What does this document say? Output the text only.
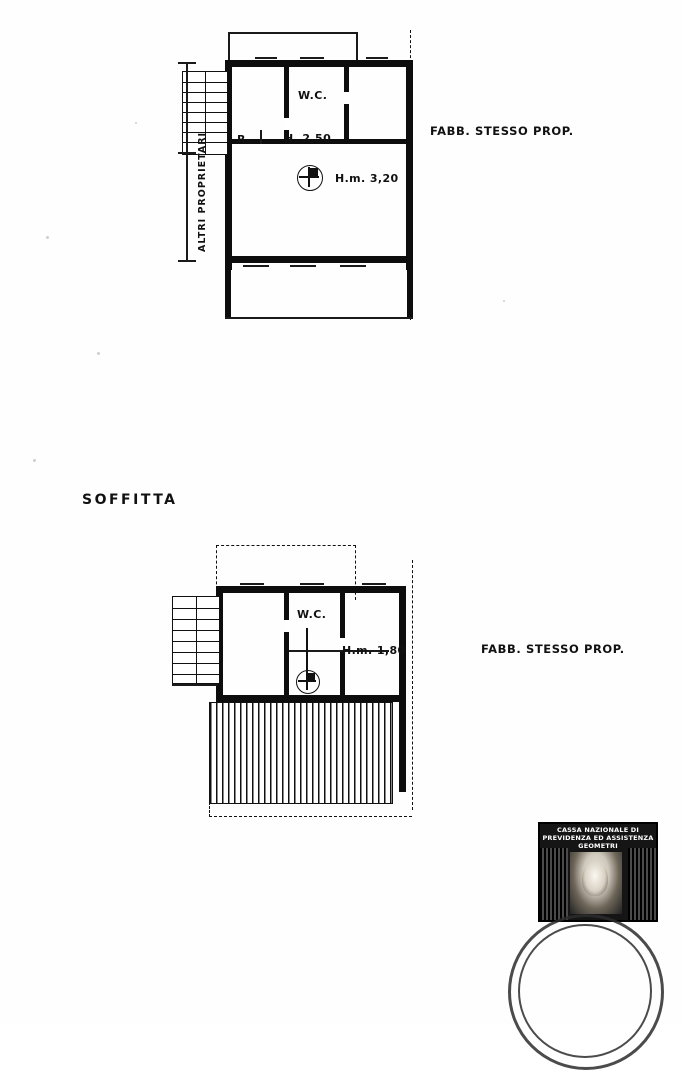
ALTRI PROPRIETARI
W.C.
R.	H. 2,50
H.m. 3,20
FABB. STESSO PROP.
SOFFITTA
W.C.
H.m. 1,80	FABB. STESSO PROP.
CASSA NAZIONALE DI
PREVIDENZA ED ASSISTENZA
GEOMETRI
